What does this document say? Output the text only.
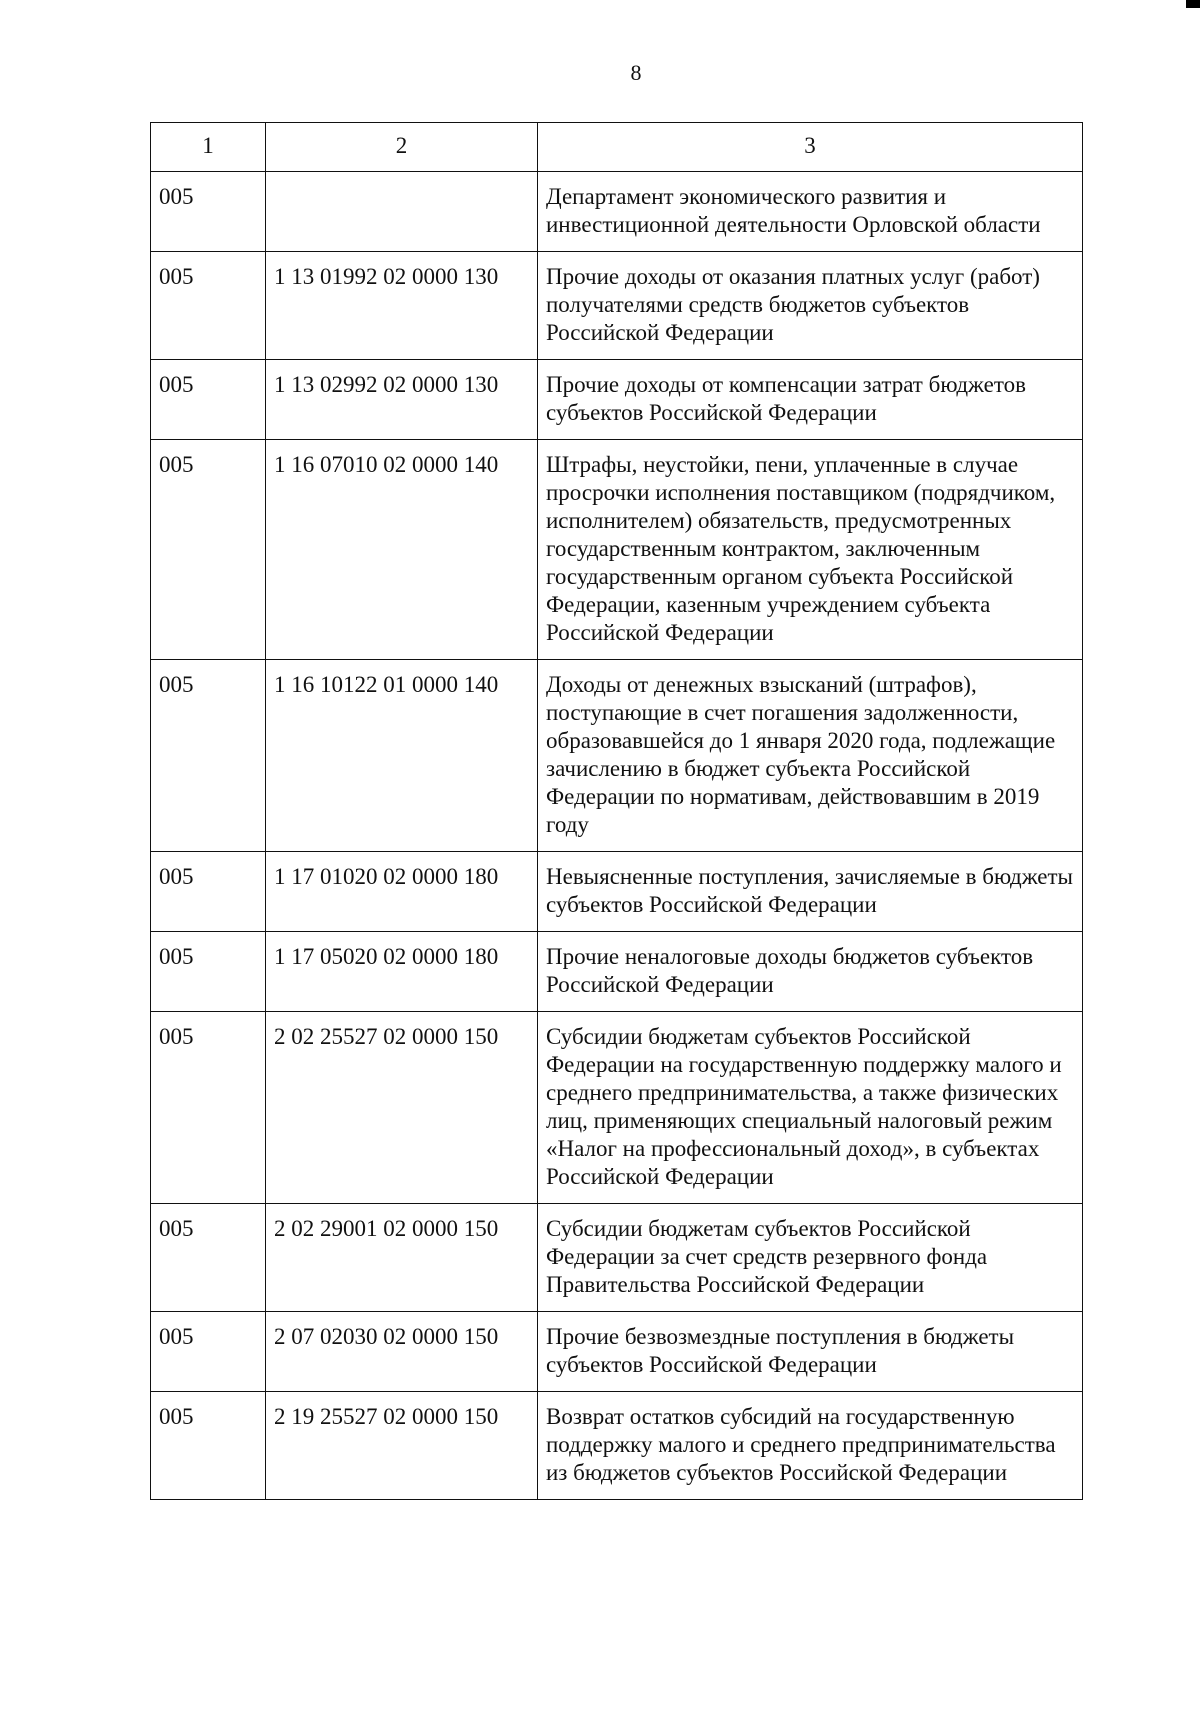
8
1	2	3
005		Департамент экономического развития и инвестиционной деятельности Орловской области
005	1 13 01992 02 0000 130	Прочие доходы от оказания платных услуг (работ) получателями средств бюджетов субъектов Российской Федерации
005	1 13 02992 02 0000 130	Прочие доходы от компенсации затрат бюджетов субъектов Российской Федерации
005	1 16 07010 02 0000 140	Штрафы, неустойки, пени, уплаченные в случае просрочки исполнения поставщиком (подрядчиком, исполнителем) обязательств, предусмотренных государственным контрактом, заключенным государственным органом субъекта Российской Федерации, казенным учреждением субъекта Российской Федерации
005	1 16 10122 01 0000 140	Доходы от денежных взысканий (штрафов), поступающие в счет погашения задолженности, образовавшейся до 1 января 2020 года, подлежащие зачислению в бюджет субъекта Российской Федерации по нормативам, действовавшим в 2019 году
005	1 17 01020 02 0000 180	Невыясненные поступления, зачисляемые в бюджеты субъектов Российской Федерации
005	1 17 05020 02 0000 180	Прочие неналоговые доходы бюджетов субъектов Российской Федерации
005	2 02 25527 02 0000 150	Субсидии бюджетам субъектов Российской Федерации на государственную поддержку малого и среднего предпринимательства, а также физических лиц, применяющих специальный налоговый режим «Налог на профессиональный доход», в субъектах Российской Федерации
005	2 02 29001 02 0000 150	Субсидии бюджетам субъектов Российской Федерации за счет средств резервного фонда Правительства Российской Федерации
005	2 07 02030 02 0000 150	Прочие безвозмездные поступления в бюджеты субъектов Российской Федерации
005	2 19 25527 02 0000 150	Возврат остатков субсидий на государственную поддержку малого и среднего предпринимательства из бюджетов субъектов Российской Федерации
